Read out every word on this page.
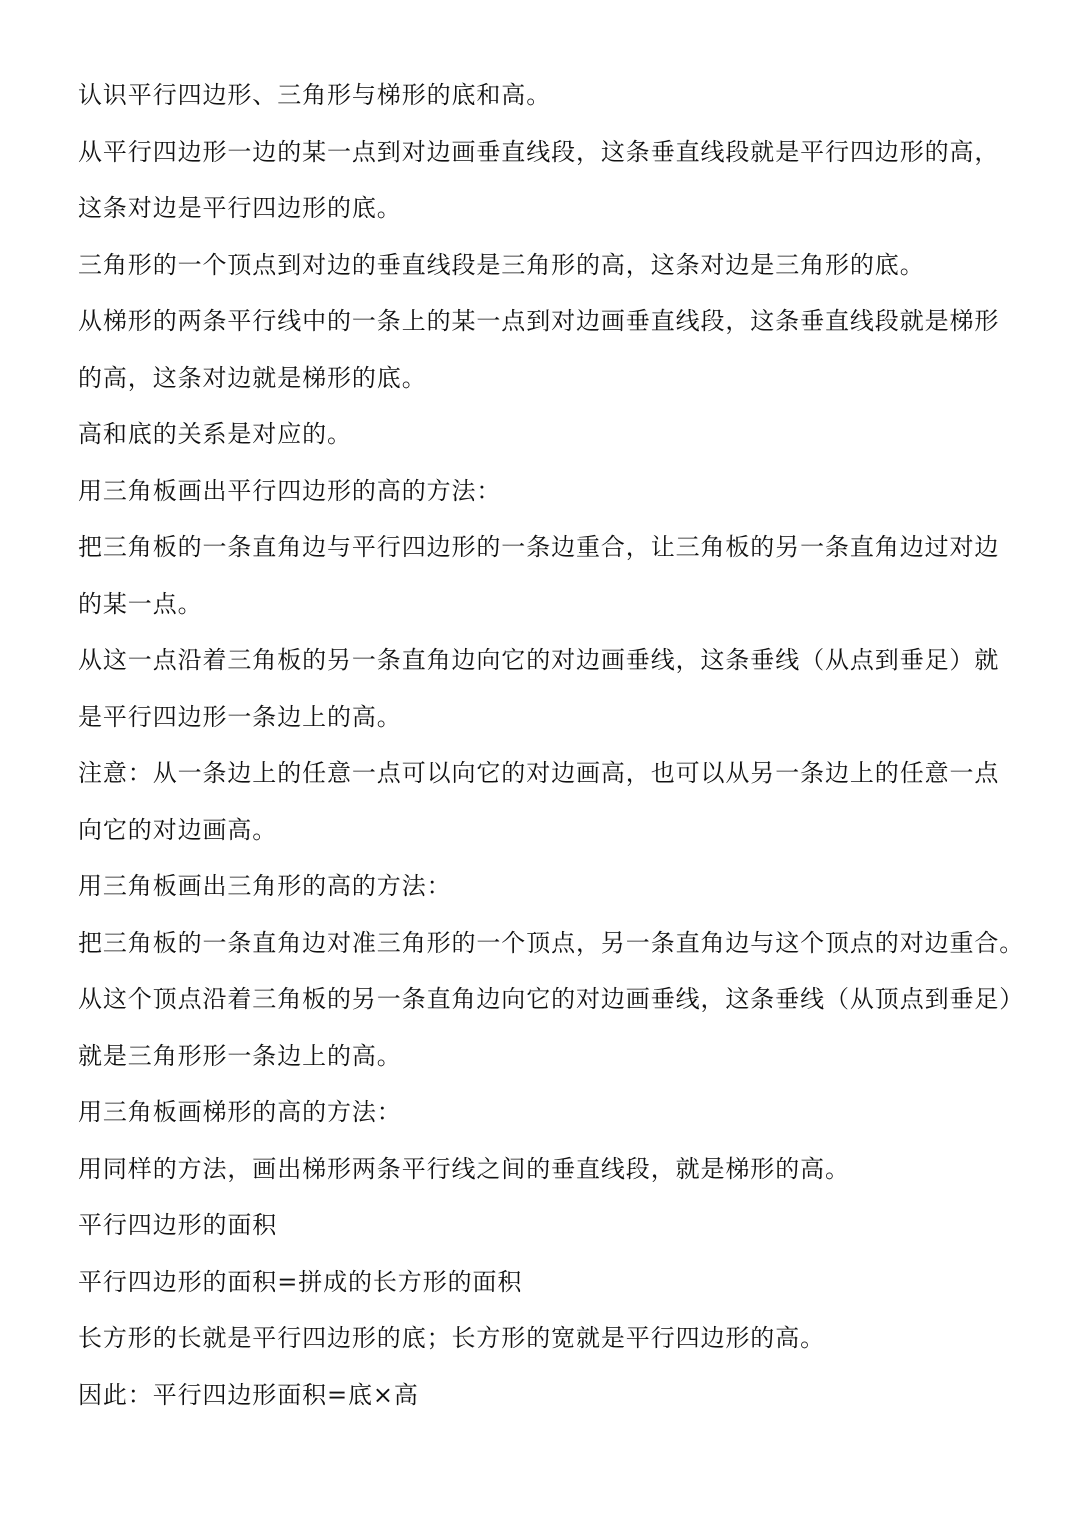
认识平行四边形、三角形与梯形的底和高。

从平行四边形一边的某一点到对边画垂直线段，这条垂直线段就是平行四边形的高，

这条对边是平行四边形的底。

三角形的一个顶点到对边的垂直线段是三角形的高，这条对边是三角形的底。

从梯形的两条平行线中的一条上的某一点到对边画垂直线段，这条垂直线段就是梯形

的高，这条对边就是梯形的底。

高和底的关系是对应的。

用三角板画出平行四边形的高的方法：

把三角板的一条直角边与平行四边形的一条边重合，让三角板的另一条直角边过对边

的某一点。

从这一点沿着三角板的另一条直角边向它的对边画垂线，这条垂线（从点到垂足）就

是平行四边形一条边上的高。

注意：从一条边上的任意一点可以向它的对边画高，也可以从另一条边上的任意一点

向它的对边画高。

用三角板画出三角形的高的方法：

把三角板的一条直角边对准三角形的一个顶点，另一条直角边与这个顶点的对边重合。

从这个顶点沿着三角板的另一条直角边向它的对边画垂线，这条垂线（从顶点到垂足）

就是三角形形一条边上的高。

用三角板画梯形的高的方法：

用同样的方法，画出梯形两条平行线之间的垂直线段，就是梯形的高。

平行四边形的面积

平行四边形的面积=拼成的长方形的面积

长方形的长就是平行四边形的底；长方形的宽就是平行四边形的高。

因此：平行四边形面积=底×高
